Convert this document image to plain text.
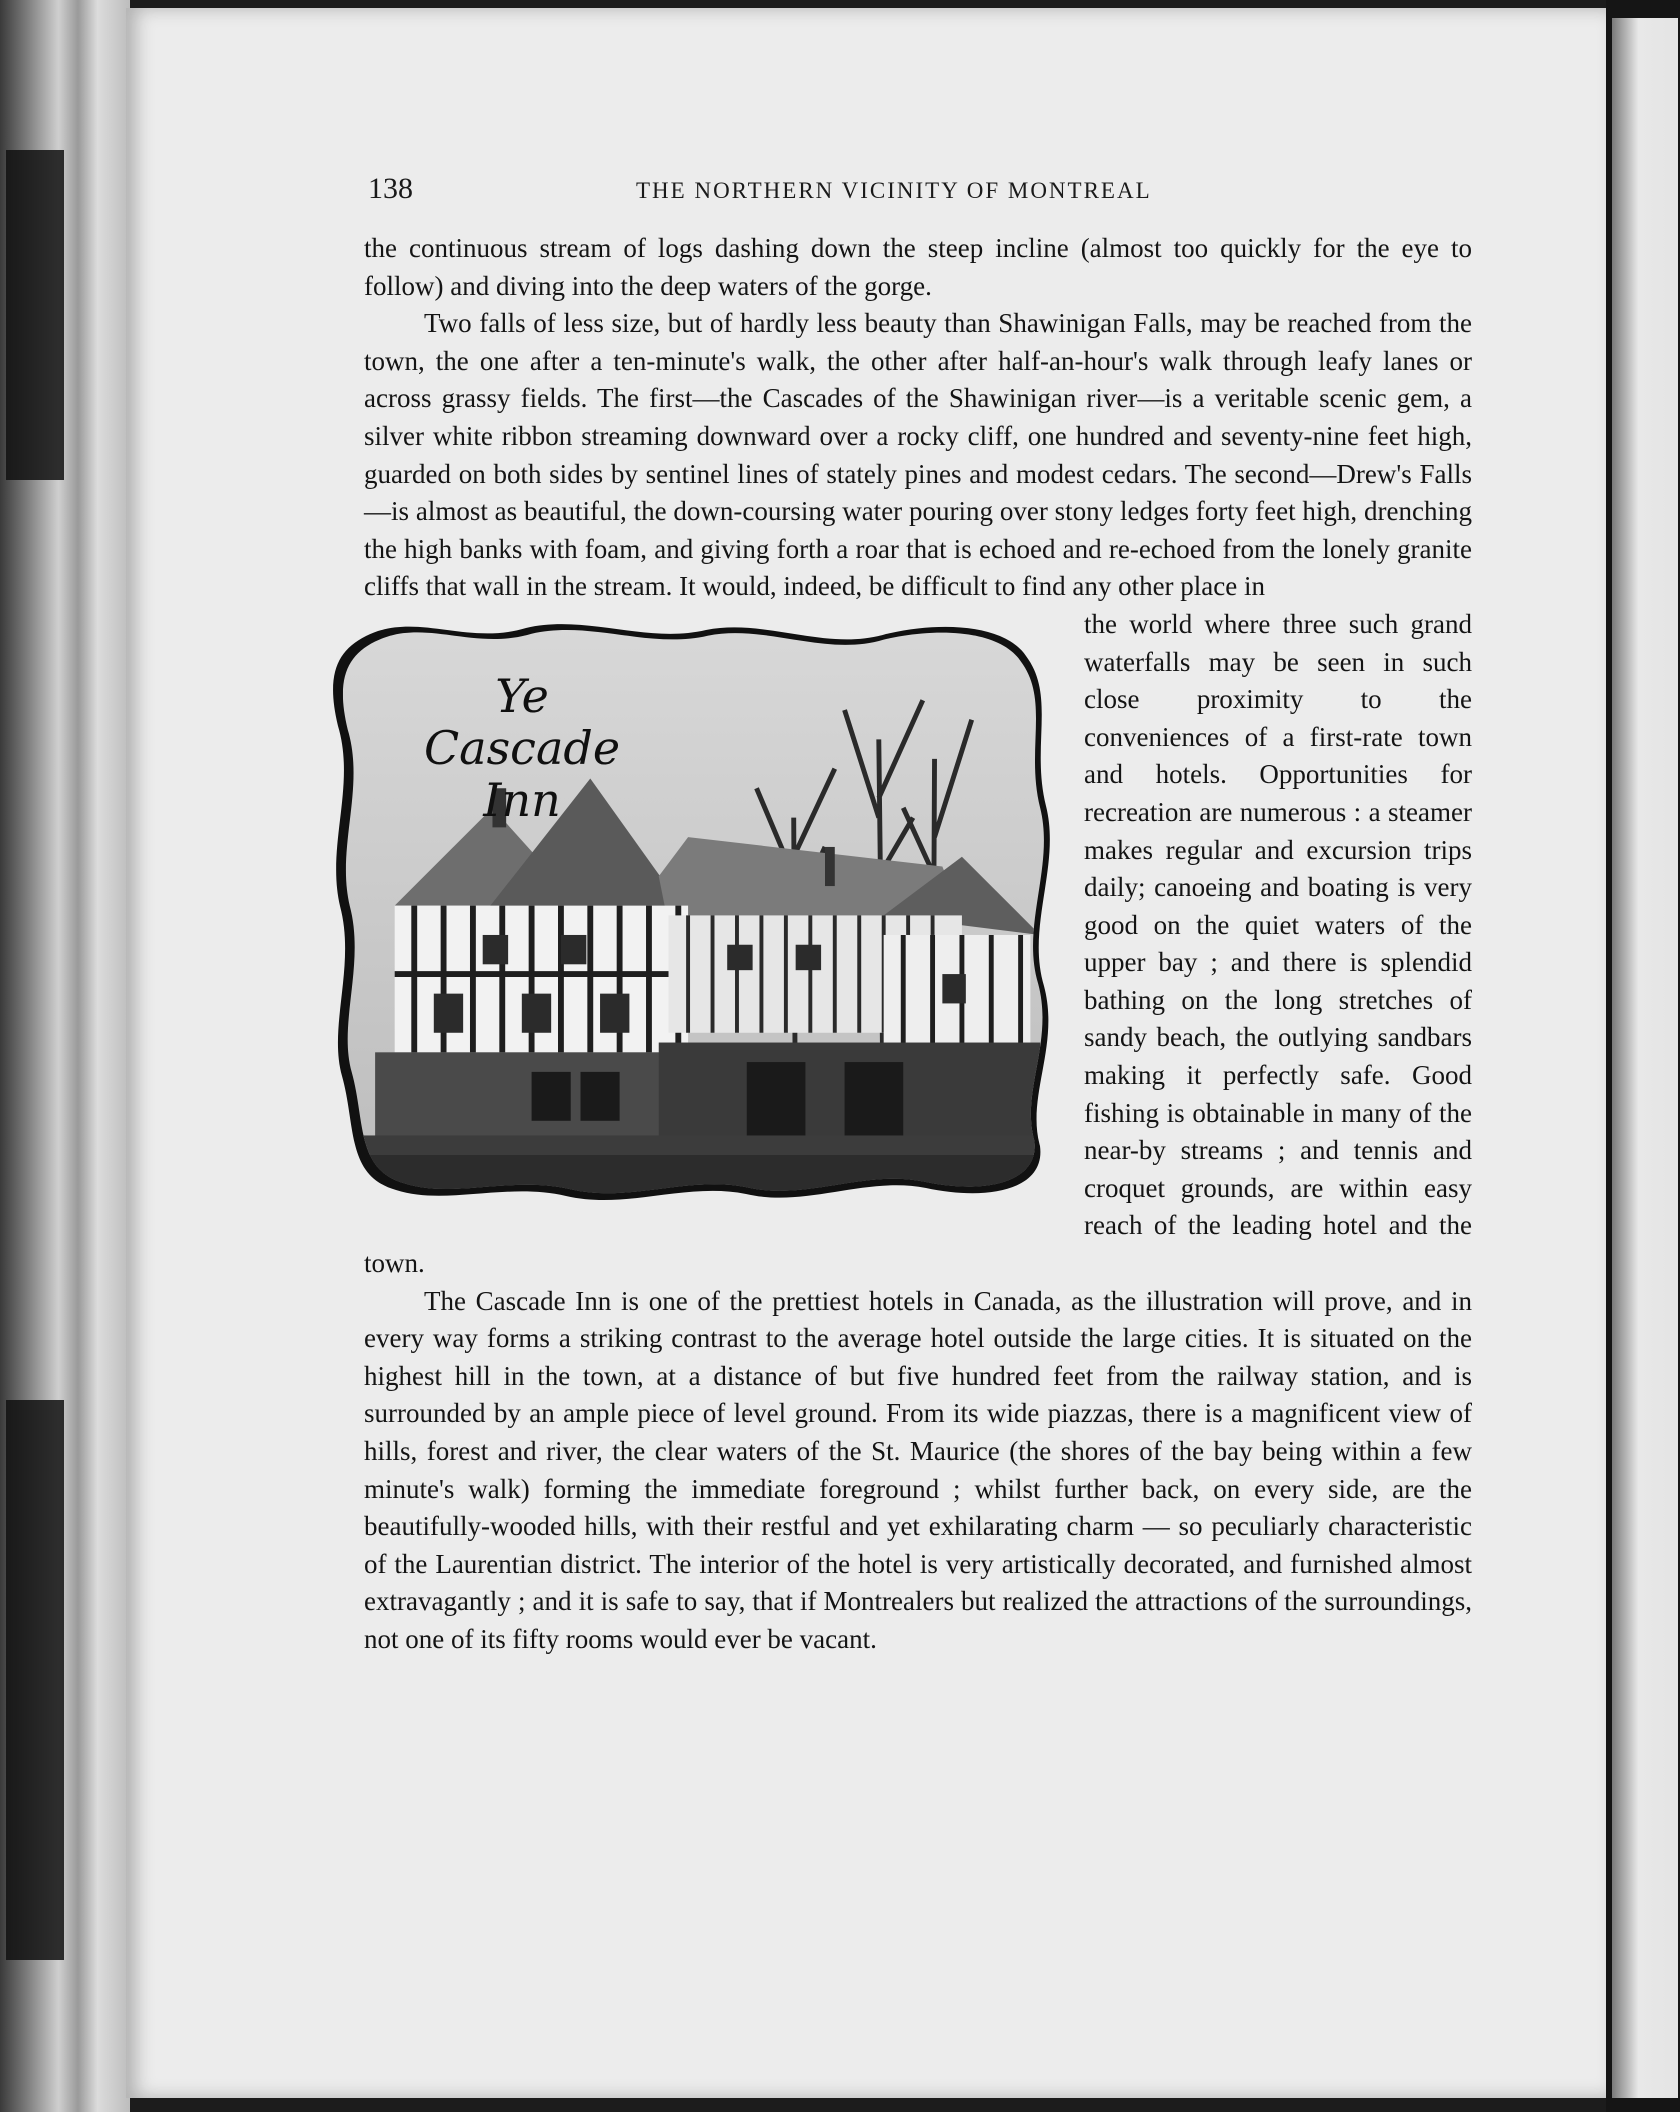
138	THE NORTHERN VICINITY OF MONTREAL

the continuous stream of logs dashing down the steep incline (almost too quickly for the eye to follow) and diving into the deep waters of the gorge.

Two falls of less size, but of hardly less beauty than Shawinigan Falls, may be reached from the town, the one after a ten-minute's walk, the other after half-an-hour's walk through leafy lanes or across grassy fields. The first—the Cascades of the Shawinigan river—is a veritable scenic gem, a silver white ribbon streaming downward over a rocky cliff, one hundred and seventy-nine feet high, guarded on both sides by sentinel lines of stately pines and modest cedars. The second—Drew's Falls—is almost as beautiful, the down-coursing water pouring over stony ledges forty feet high, drenching the high banks with foam, and giving forth a roar that is echoed and re-echoed from the lonely granite cliffs that wall in the stream. It would, indeed, be difficult to find any other place in

Ye Cascade
Inn

the world where three such grand waterfalls may be seen in such close proximity to the conveniences of a first-rate town and hotels. Opportunities for recreation are numerous : a steamer makes regular and excursion trips daily; canoeing and boating is very good on the quiet waters of the upper bay ; and there is splendid bathing on the long stretches of sandy beach, the outlying sandbars making it perfectly safe. Good fishing is obtainable in many of the near-by streams ; and tennis and croquet grounds, are within easy reach of the leading hotel and the town.

The Cascade Inn is one of the prettiest hotels in Canada, as the illustration will prove, and in every way forms a striking contrast to the average hotel outside the large cities. It is situated on the highest hill in the town, at a distance of but five hundred feet from the railway station, and is surrounded by an ample piece of level ground. From its wide piazzas, there is a magnificent view of hills, forest and river, the clear waters of the St. Maurice (the shores of the bay being within a few minute's walk) forming the immediate foreground ; whilst further back, on every side, are the beautifully-wooded hills, with their restful and yet exhilarating charm — so peculiarly characteristic of the Laurentian district. The interior of the hotel is very artistically decorated, and furnished almost extravagantly ; and it is safe to say, that if Montrealers but realized the attractions of the surroundings, not one of its fifty rooms would ever be vacant.
